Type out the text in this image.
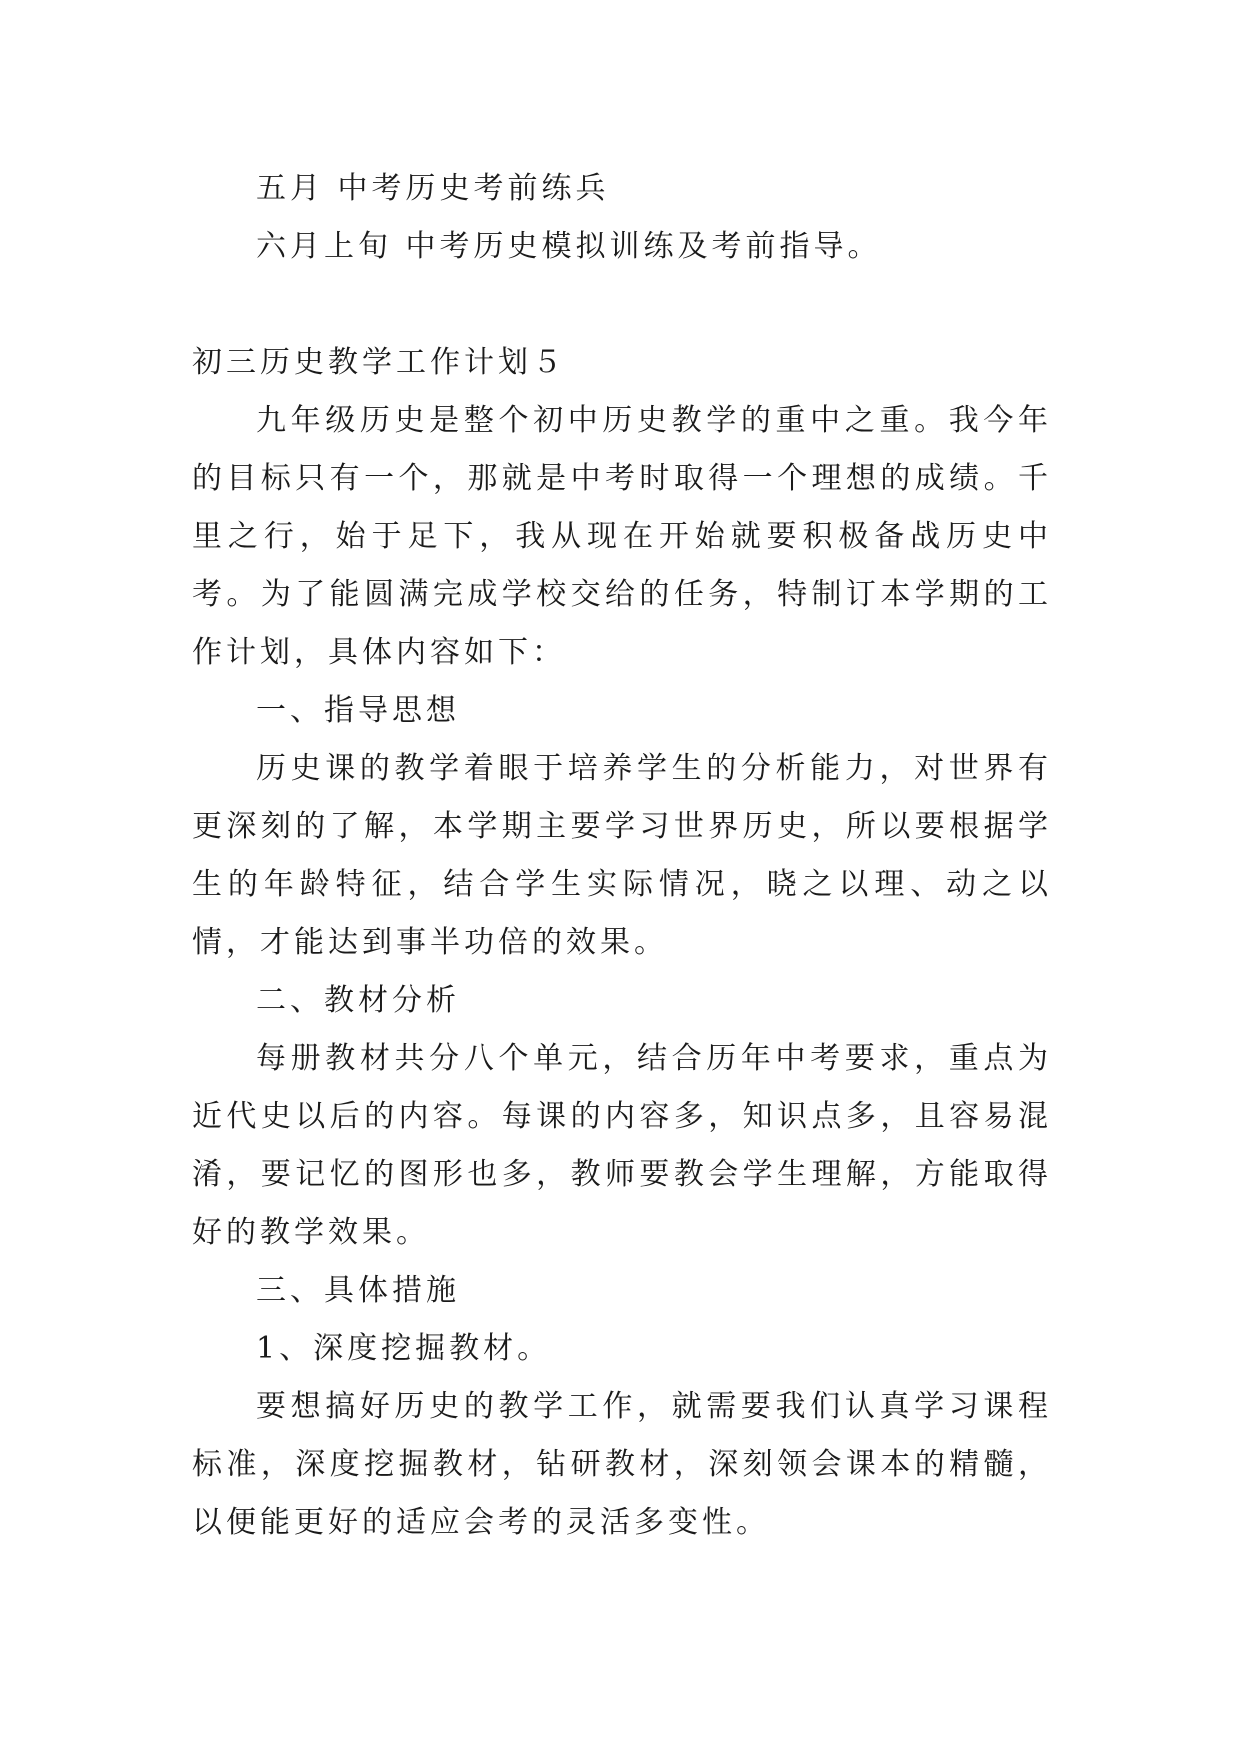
五月 中考历史考前练兵

六月上旬 中考历史模拟训练及考前指导。

初三历史教学工作计划５

九年级历史是整个初中历史教学的重中之重。我今年的目标只有一个，那就是中考时取得一个理想的成绩。千里之行，始于足下，我从现在开始就要积极备战历史中考。为了能圆满完成学校交给的任务，特制订本学期的工作计划，具体内容如下：

一、指导思想

历史课的教学着眼于培养学生的分析能力，对世界有更深刻的了解，本学期主要学习世界历史，所以要根据学生的年龄特征，结合学生实际情况，晓之以理、动之以情，才能达到事半功倍的效果。

二、教材分析

每册教材共分八个单元，结合历年中考要求，重点为近代史以后的内容。每课的内容多，知识点多，且容易混淆，要记忆的图形也多，教师要教会学生理解，方能取得好的教学效果。

三、具体措施

1、深度挖掘教材。

要想搞好历史的教学工作，就需要我们认真学习课程标准，深度挖掘教材，钻研教材，深刻领会课本的精髓，以便能更好的适应会考的灵活多变性。
